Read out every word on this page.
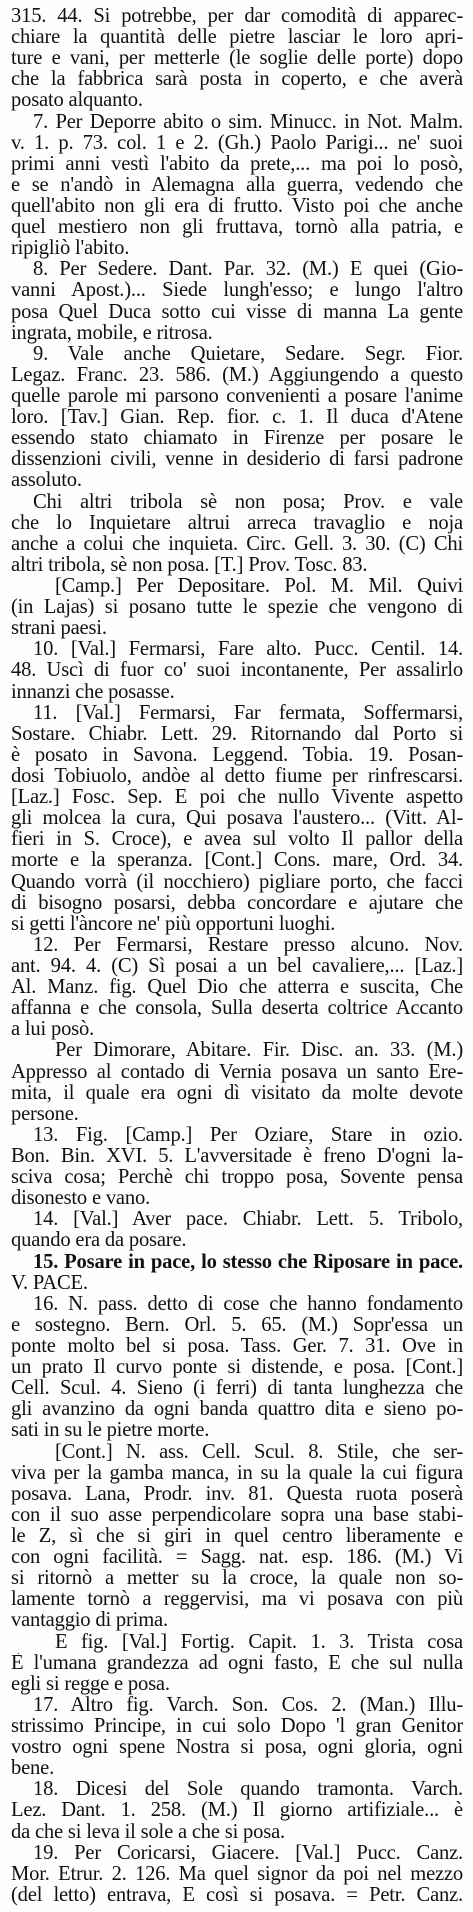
315. 44. Si potrebbe, per dar comodità di apparec-
chiare la quantità delle pietre lasciar le loro apri-
ture e vani, per metterle (le soglie delle porte) dopo
che la fabbrica sarà posta in coperto, e che averà
posato alquanto.
7. Per Deporre abito o sim. Minucc. in Not. Malm.
v. 1. p. 73. col. 1 e 2. (Gh.) Paolo Parigi... ne' suoi
primi anni vestì l'abito da prete,... ma poi lo posò,
e se n'andò in Alemagna alla guerra, vedendo che
quell'abito non gli era di frutto. Visto poi che anche
quel mestiero non gli fruttava, tornò alla patria, e
ripigliò l'abito.
8. Per Sedere. Dant. Par. 32. (M.) E quei (Gio-
vanni Apost.)... Siede lungh'esso; e lungo l'altro
posa Quel Duca sotto cui visse di manna La gente
ingrata, mobile, e ritrosa.
9. Vale anche Quietare, Sedare. Segr. Fior.
Legaz. Franc. 23. 586. (M.) Aggiungendo a questo
quelle parole mi parsono convenienti a posare l'anime
loro. [Tav.] Gian. Rep. fior. c. 1. Il duca d'Atene
essendo stato chiamato in Firenze per posare le
dissenzioni civili, venne in desiderio di farsi padrone
assoluto.
Chi altri tribola sè non posa; Prov. e vale
che lo Inquietare altrui arreca travaglio e noja
anche a colui che inquieta. Circ. Gell. 3. 30. (C) Chi
altri tribola, sè non posa. [T.] Prov. Tosc. 83.
[Camp.] Per Depositare. Pol. M. Mil. Quivi
(in Lajas) si posano tutte le spezie che vengono di
strani paesi.
10. [Val.] Fermarsi, Fare alto. Pucc. Centil. 14.
48. Uscì di fuor co' suoi incontanente, Per assalirlo
innanzi che posasse.
11. [Val.] Fermarsi, Far fermata, Soffermarsi,
Sostare. Chiabr. Lett. 29. Ritornando dal Porto si
è posato in Savona. Leggend. Tobia. 19. Posan-
dosi Tobiuolo, andòe al detto fiume per rinfrescarsi.
[Laz.] Fosc. Sep. E poi che nullo Vivente aspetto
gli molcea la cura, Qui posava l'austero... (Vitt. Al-
fieri in S. Croce), e avea sul volto Il pallor della
morte e la speranza. [Cont.] Cons. mare, Ord. 34.
Quando vorrà (il nocchiero) pigliare porto, che facci
di bisogno posarsi, debba concordare e ajutare che
si getti l'àncore ne' più opportuni luoghi.
12. Per Fermarsi, Restare presso alcuno. Nov.
ant. 94. 4. (C) Sì posai a un bel cavaliere,... [Laz.]
Al. Manz. fig. Quel Dio che atterra e suscita, Che
affanna e che consola, Sulla deserta coltrice Accanto
a lui posò.
Per Dimorare, Abitare. Fir. Disc. an. 33. (M.)
Appresso al contado di Vernia posava un santo Ere-
mita, il quale era ogni dì visitato da molte devote
persone.
13. Fig. [Camp.] Per Oziare, Stare in ozio.
Bon. Bin. XVI. 5. L'avversitade è freno D'ogni la-
sciva cosa; Perchè chi troppo posa, Sovente pensa
disonesto e vano.
14. [Val.] Aver pace. Chiabr. Lett. 5. Tribolo,
quando era da posare.
15. Posare in pace, lo stesso che Riposare in pace.
V. PACE.
16. N. pass. detto di cose che hanno fondamento
e sostegno. Bern. Orl. 5. 65. (M.) Sopr'essa un
ponte molto bel si posa. Tass. Ger. 7. 31. Ove in
un prato Il curvo ponte si distende, e posa. [Cont.]
Cell. Scul. 4. Sieno (i ferri) di tanta lunghezza che
gli avanzino da ogni banda quattro dita e sieno po-
sati in su le pietre morte.
[Cont.] N. ass. Cell. Scul. 8. Stile, che ser-
viva per la gamba manca, in su la quale la cui figura
posava. Lana, Prodr. inv. 81. Questa ruota poserà
con il suo asse perpendicolare sopra una base stabi-
le Z, sì che si giri in quel centro liberamente e
con ogni facilità. = Sagg. nat. esp. 186. (M.) Vi
si ritornò a metter su la croce, la quale non so-
lamente tornò a reggervisi, ma vi posava con più
vantaggio di prima.
E fig. [Val.] Fortig. Capit. 1. 3. Trista cosa
È l'umana grandezza ad ogni fasto, E che sul nulla
egli si regge e posa.
17. Altro fig. Varch. Son. Cos. 2. (Man.) Illu-
strissimo Principe, in cui solo Dopo 'l gran Genitor
vostro ogni spene Nostra si posa, ogni gloria, ogni
bene.
18. Dicesi del Sole quando tramonta. Varch.
Lez. Dant. 1. 258. (M.) Il giorno artifiziale... è
da che si leva il sole a che si posa.
19. Per Coricarsi, Giacere. [Val.] Pucc. Canz.
Mor. Etrur. 2. 126. Ma quel signor da poi nel mezzo
(del letto) entrava, E così si posava. = Petr. Canz.
